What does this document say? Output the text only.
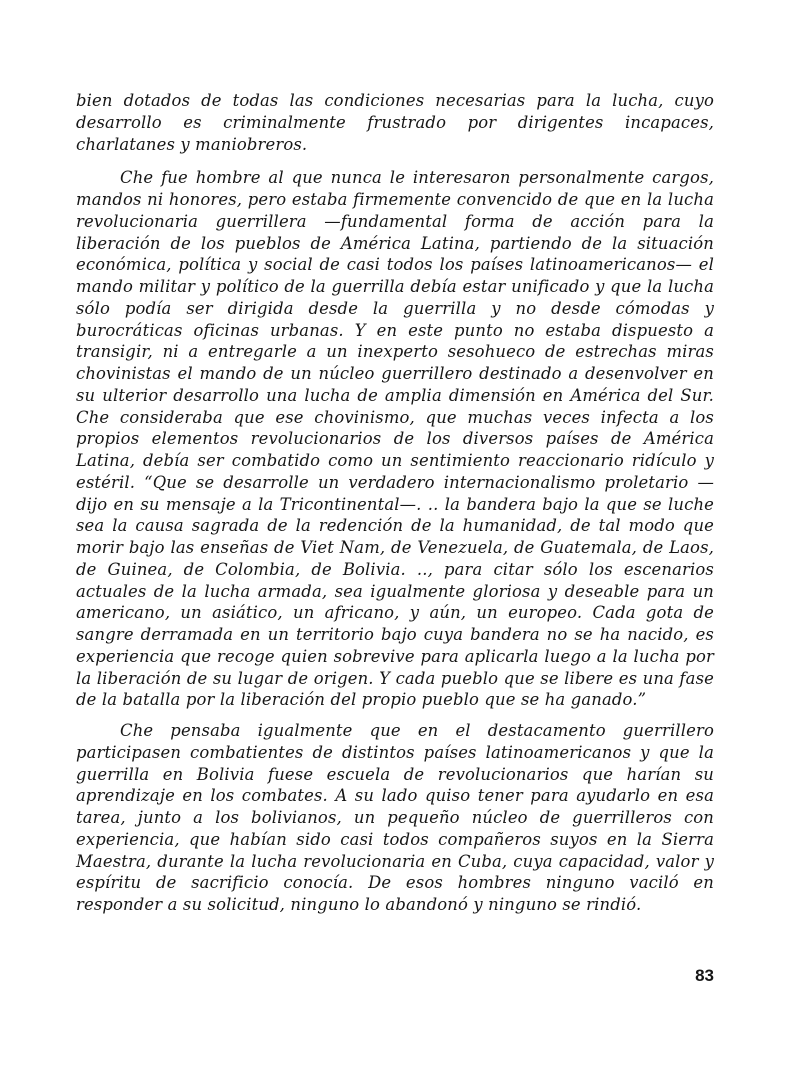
bien dotados de todas las condiciones necesarias para la lucha, cuyo desarrollo es criminalmente frustrado por dirigentes incapaces, charlatanes y maniobreros.

Che fue hombre al que nunca le interesaron personalmente cargos, mandos ni honores, pero estaba firmemente convencido de que en la lucha revolucionaria guerrillera —fundamental forma de acción para la liberación de los pueblos de América Latina, partiendo de la situación económica, política y social de casi todos los países latinoamericanos— el mando militar y político de la guerrilla debía estar unificado y que la lucha sólo podía ser dirigida desde la guerrilla y no desde cómodas y burocráticas oficinas urbanas. Y en este punto no estaba dispuesto a transigir, ni a entregarle a un inexperto sesohueco de estrechas miras chovinistas el mando de un núcleo guerrillero destinado a desenvolver en su ulterior desarrollo una lucha de amplia dimensión en América del Sur. Che consideraba que ese chovinismo, que muchas veces infecta a los propios elementos revolucionarios de los diversos países de América Latina, debía ser combatido como un sentimiento reaccionario ridículo y estéril. “Que se desarrolle un verdadero internacionalismo proletario —dijo en su mensaje a la Tricontinental—. .. la bandera bajo la que se luche sea la causa sagrada de la redención de la humanidad, de tal modo que morir bajo las enseñas de Viet Nam, de Venezuela, de Guatemala, de Laos, de Guinea, de Colombia, de Bolivia. .., para citar sólo los escenarios actuales de la lucha armada, sea igualmente gloriosa y deseable para un americano, un asiático, un africano, y aún, un europeo. Cada gota de sangre derramada en un territorio bajo cuya bandera no se ha nacido, es experiencia que recoge quien sobrevive para aplicarla luego a la lucha por la liberación de su lugar de origen. Y cada pueblo que se libere es una fase de la batalla por la liberación del propio pueblo que se ha ganado.”

Che pensaba igualmente que en el destacamento guerrillero participasen combatientes de distintos países latinoamericanos y que la guerrilla en Bolivia fuese escuela de revolucionarios que harían su aprendizaje en los combates. A su lado quiso tener para ayudarlo en esa tarea, junto a los bolivianos, un pequeño núcleo de guerrilleros con experiencia, que habían sido casi todos compañeros suyos en la Sierra Maestra, durante la lucha revolucionaria en Cuba, cuya capacidad, valor y espíritu de sacrificio conocía. De esos hombres ninguno vaciló en responder a su solicitud, ninguno lo abandonó y ninguno se rindió.

83
